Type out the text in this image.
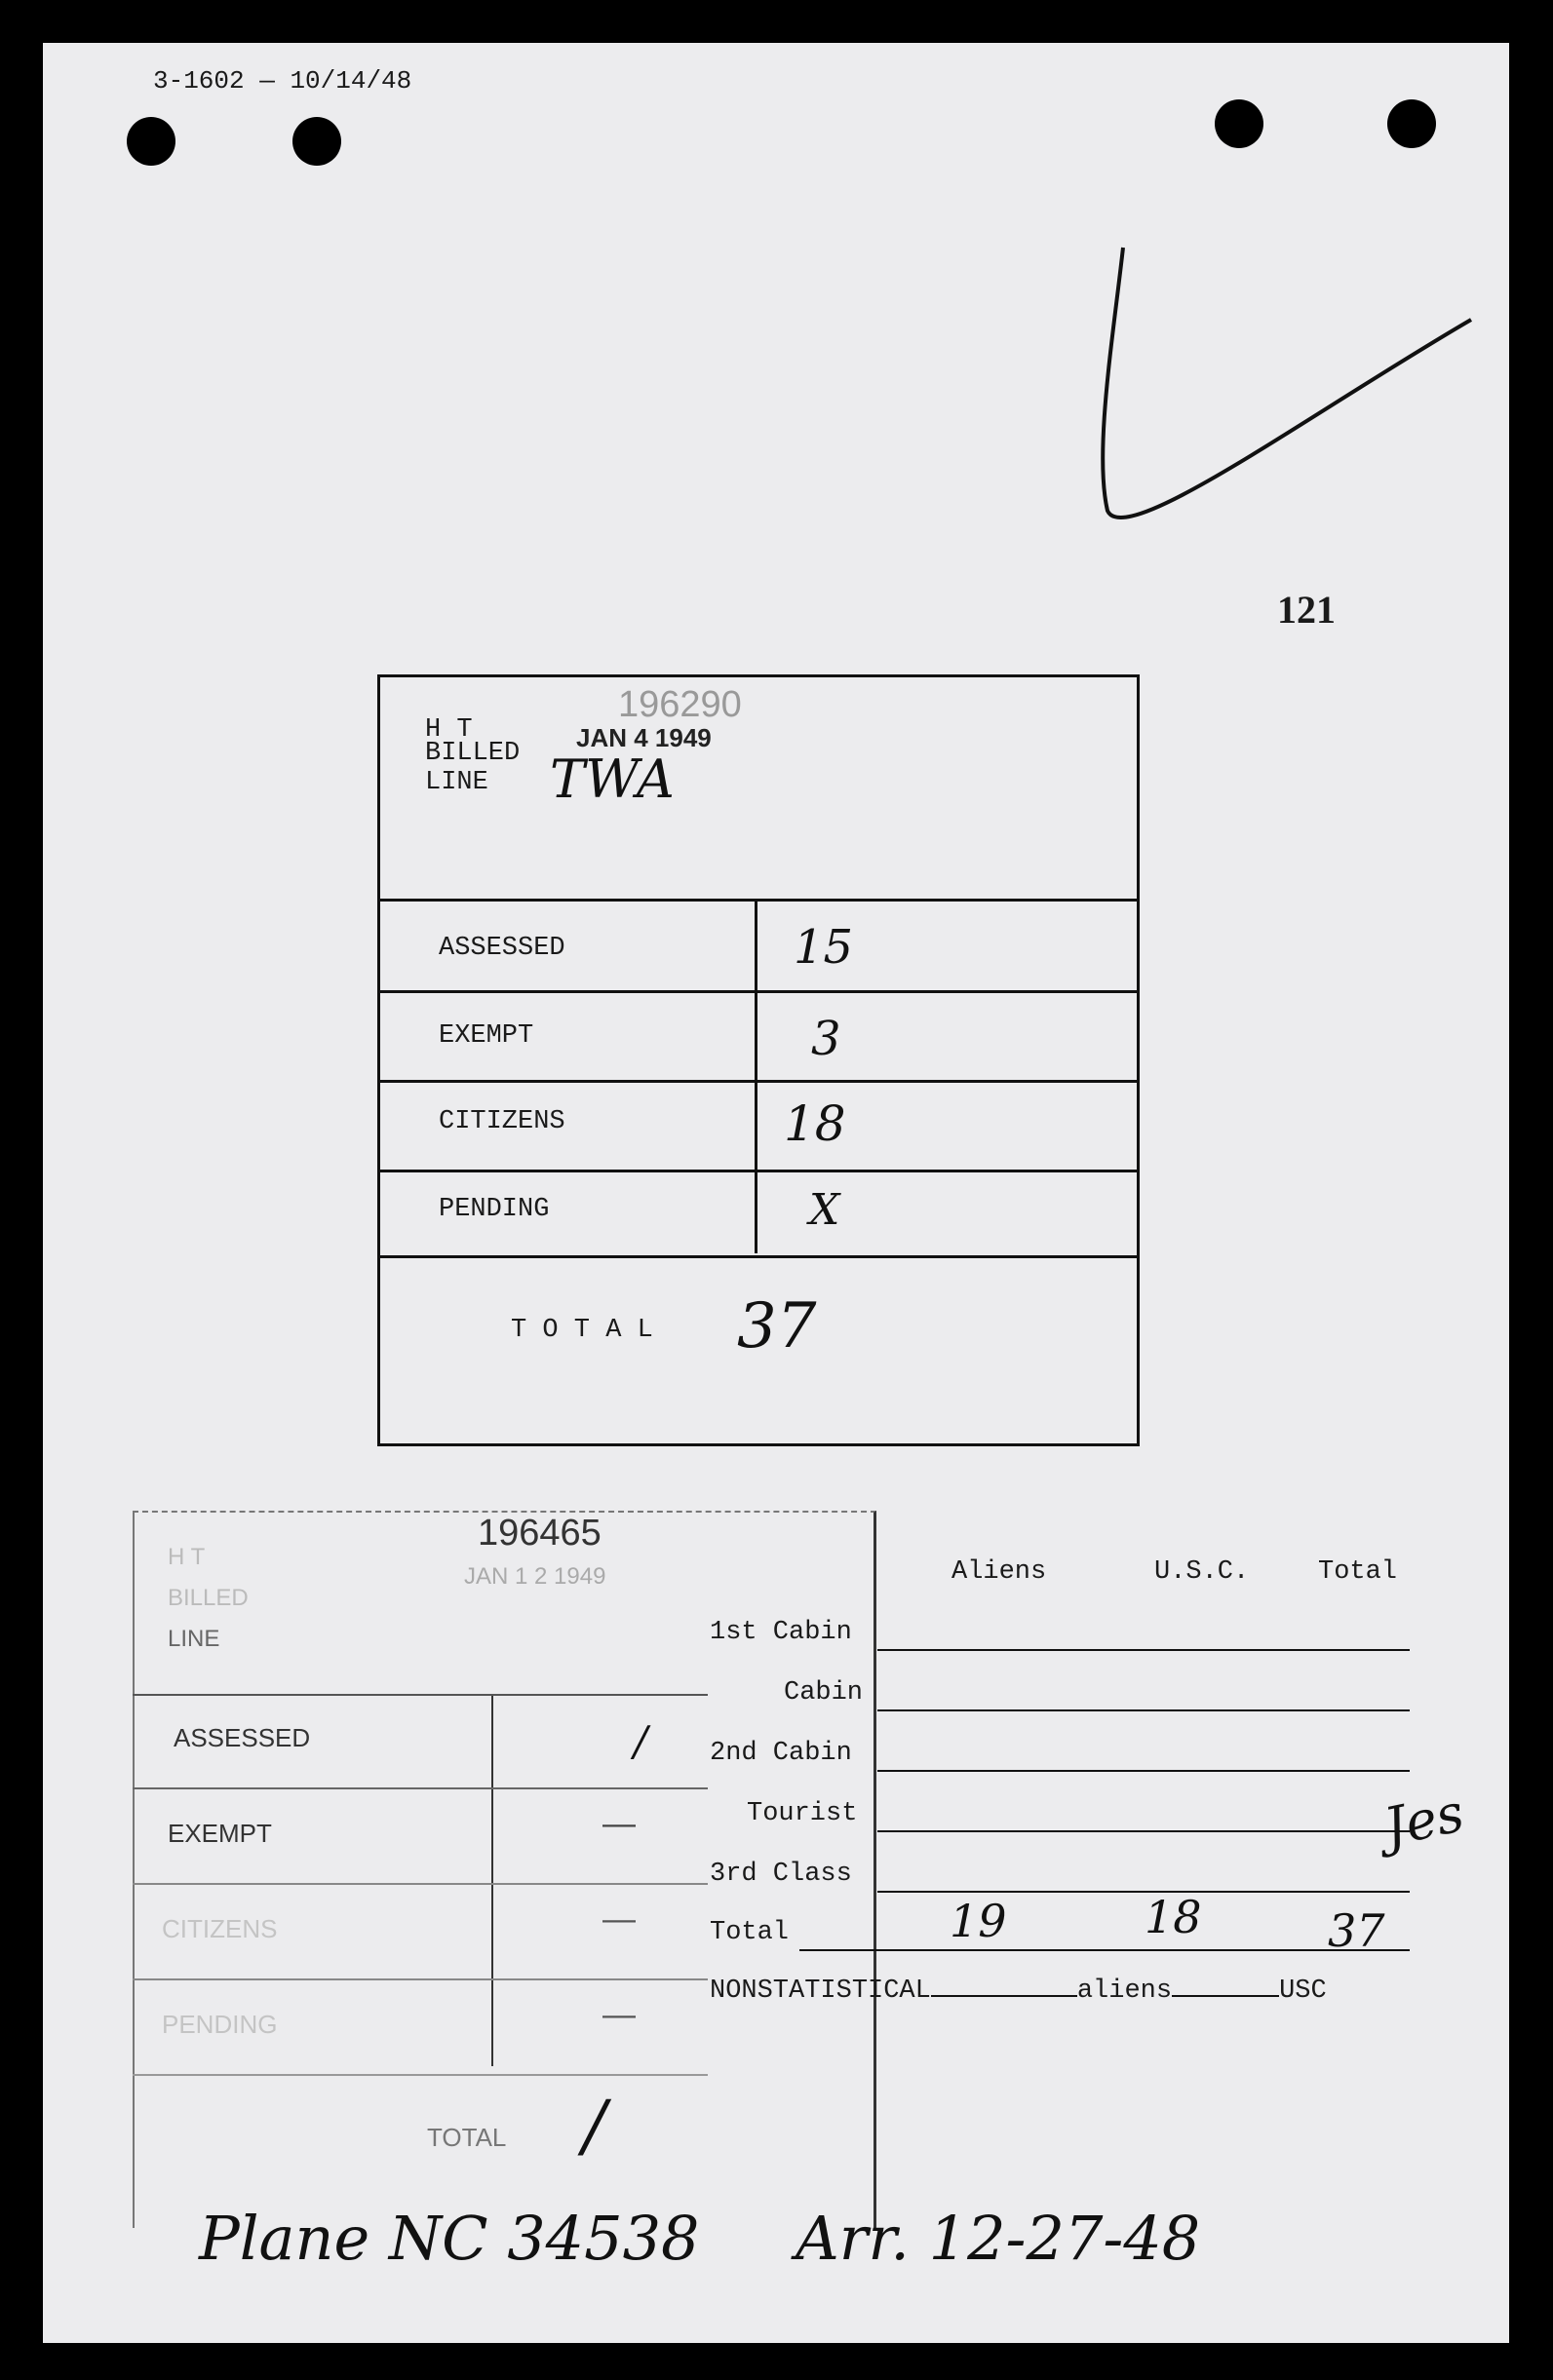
3-1602 — 10/14/48
121
196290
H T
BILLED
LINE
JAN 4 1949
TWA
ASSESSED	15
EXEMPT	3
CITIZENS	18
PENDING	X
T O T A L 37
196465
JAN 1 2 1949
H T
BILLED
LINE
ASSESSED	/
EXEMPT	—
CITIZENS	—
PENDING	—
TOTAL /
Aliens	U.S.C.	Total
1st Cabin
Cabin
2nd Cabin
Tourist
3rd Class
Total	19	18	37
NONSTATISTICAL	aliens	USC
Jes
Plane NC 34538 Arr. 12-27-48
